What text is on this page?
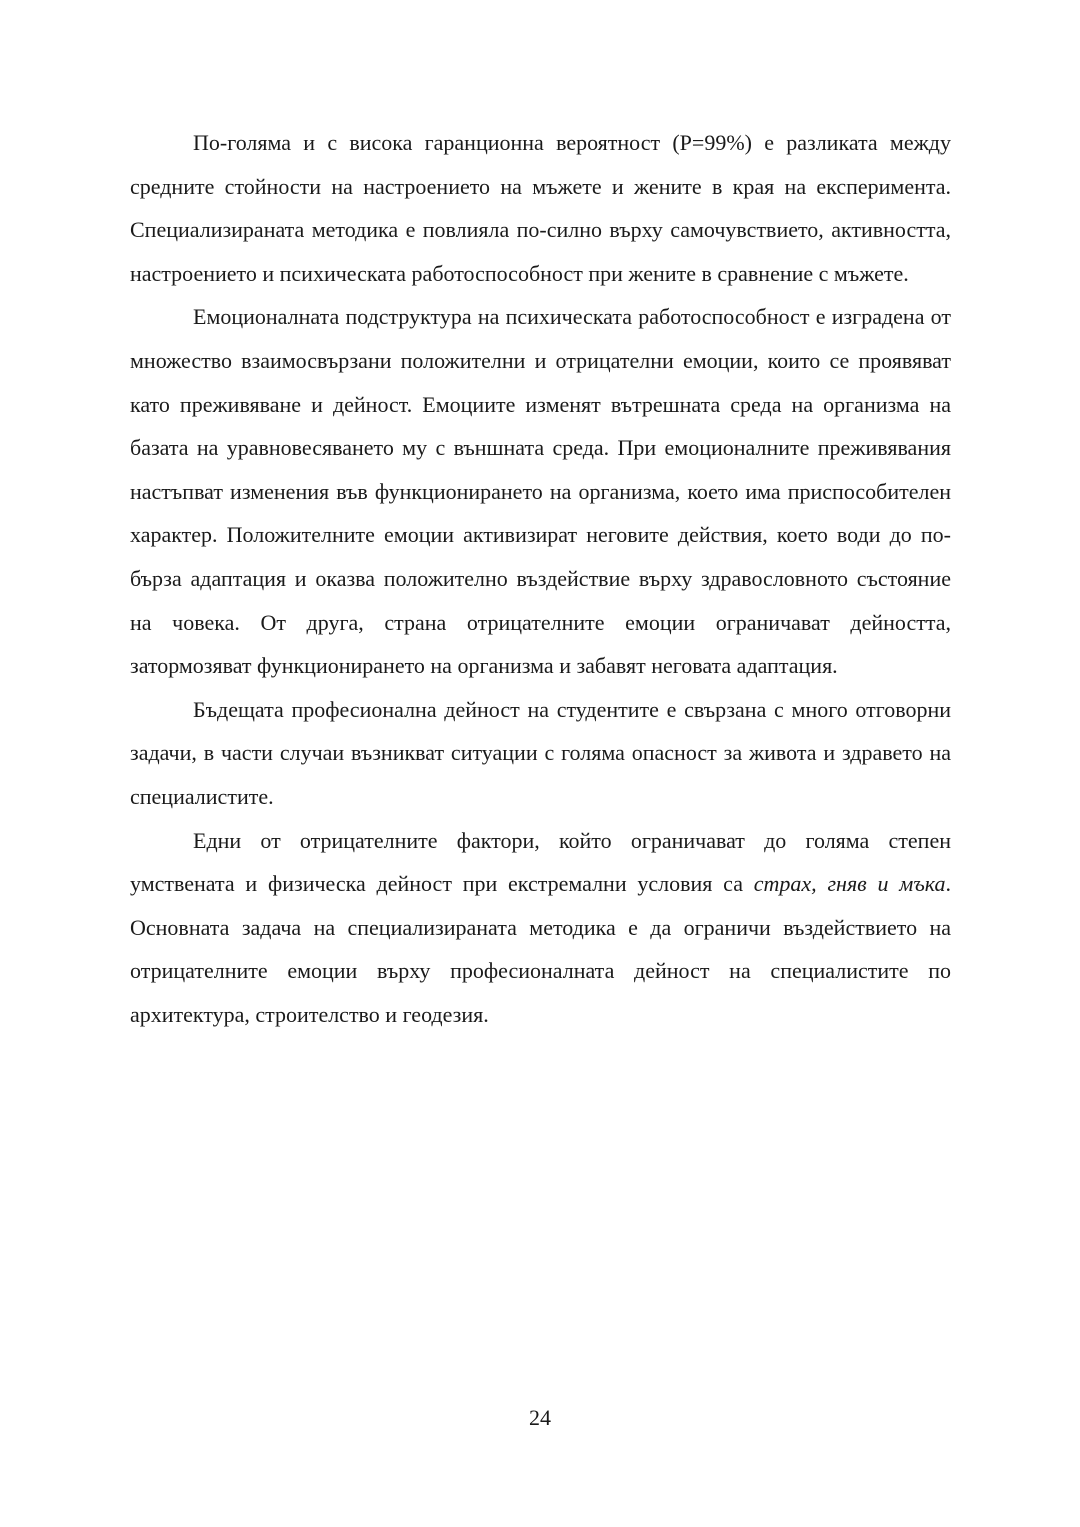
По-голяма и с висока гаранционна вероятност (Р=99%) е разликата между средните стойности на настроението на мъжете и жените в края на експеримента. Специализираната методика е повлияла по-силно върху самочувствието, активността, настроението и психическата работоспособност при жените в сравнение с мъжете.

Емоционалната подструктура на психическата работоспособност е изградена от множество взаимосвързани положителни и отрицателни емоции, които се проявяват като преживяване и дейност. Емоциите изменят вътрешната среда на организма на базата на уравновесяването му с външната среда. При емоционалните преживявания настъпват изменения във функционирането на организма, което има приспособителен характер. Положителните емоции активизират неговите действия, което води до по-бърза адаптация и оказва положително въздействие върху здравословното състояние на човека. От друга, страна отрицателните емоции ограничават дейността, затормозяват функционирането на организма и забавят неговата адаптация.

Бъдещата професионална дейност на студентите е свързана с много отговорни задачи, в части случаи възникват ситуации с голяма опасност за живота и здравето на специалистите.

Едни от отрицателните фактори, който ограничават до голяма степен умствената и физическа дейност при екстремални условия са страх, гняв и мъка. Основната задача на специализираната методика е да ограничи въздействието на отрицателните емоции върху професионалната дейност на специалистите по архитектура, строителство и геодезия.

24
